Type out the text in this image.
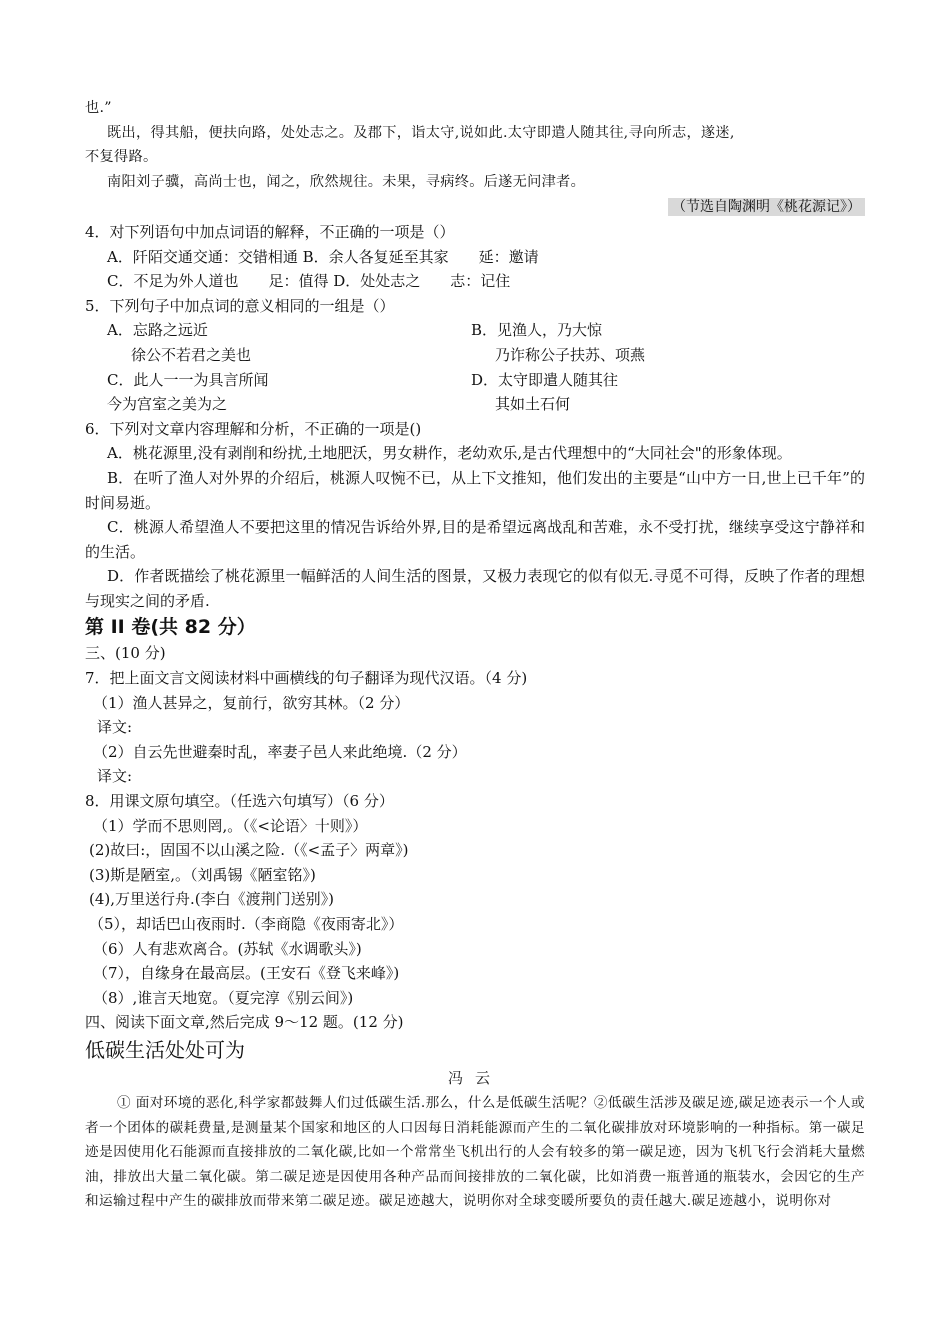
也.”
既出，得其船，便扶向路，处处志之。及郡下，诣太守,说如此.太守即遣人随其往,寻向所志，遂迷,
不复得路。
南阳刘子骥，高尚士也，闻之，欣然规往。未果，寻病终。后遂无问津者。
（节选自陶渊明《桃花源记》）
4．对下列语句中加点词语的解释，不正确的一项是（）
A．阡陌交通交通：交错相通 B．余人各复延至其家　　延：邀请
C．不足为外人道也　　足：值得 D．处处志之　　志：记住
5．下列句子中加点词的意义相同的一组是（）
A．忘路之远近
徐公不若君之美也
B．见渔人，乃大惊
乃诈称公子扶苏、项燕
C．此人一一为具言所闻
今为宫室之美为之
D．太守即遣人随其往
其如土石何
6．下列对文章内容理解和分析，不正确的一项是()
A．桃花源里,没有剥削和纷扰,土地肥沃，男女耕作，老幼欢乐,是古代理想中的“大同社会"的形象体现。
B．在听了渔人对外界的介绍后，桃源人叹惋不已，从上下文推知，他们发出的主要是“山中方一日,世上已千年”的时间易逝。
C．桃源人希望渔人不要把这里的情况告诉给外界,目的是希望远离战乱和苦难，永不受打扰，继续享受这宁静祥和的生活。
D．作者既描绘了桃花源里一幅鲜活的人间生活的图景，又极力表现它的似有似无.寻觅不可得，反映了作者的理想与现实之间的矛盾.
第 II 卷(共 82 分）
三、(10 分)
7．把上面文言文阅读材料中画横线的句子翻译为现代汉语。（4 分)
（1）渔人甚异之，复前行，欲穷其林。（2 分）
译文:
（2）自云先世避秦时乱，率妻子邑人来此绝境.（2 分）
译文:
8．用课文原句填空。（任选六句填写）（6 分）
（1）学而不思则罔,。（《<论语〉十则》）
(2)故曰:，固国不以山溪之险.（《<孟子〉两章》)
(3)斯是陋室,。（刘禹锡《陋室铭》)
(4),万里送行舟.(李白《渡荆门送别》)
（5），却话巴山夜雨时.（李商隐《夜雨寄北》）
（6）人有悲欢离合。(苏轼《水调歌头》)
（7），自缘身在最高层。(王安石《登飞来峰》)
（8）,谁言天地宽。（夏完淳《别云间》)
四、阅读下面文章,然后完成 9～12 题。(12 分)
低碳生活处处可为
冯云
① 面对环境的恶化,科学家都鼓舞人们过低碳生活.那么，什么是低碳生活呢？②低碳生活涉及碳足迹,碳足迹表示一个人或者一个团体的碳耗费量,是测量某个国家和地区的人口因每日消耗能源而产生的二氧化碳排放对环境影响的一种指标。第一碳足迹是因使用化石能源而直接排放的二氧化碳,比如一个常常坐飞机出行的人会有较多的第一碳足迹，因为飞机飞行会消耗大量燃油，排放出大量二氧化碳。第二碳足迹是因使用各种产品而间接排放的二氧化碳，比如消费一瓶普通的瓶装水，会因它的生产和运输过程中产生的碳排放而带来第二碳足迹。碳足迹越大，说明你对全球变暖所要负的责任越大.碳足迹越小，说明你对
